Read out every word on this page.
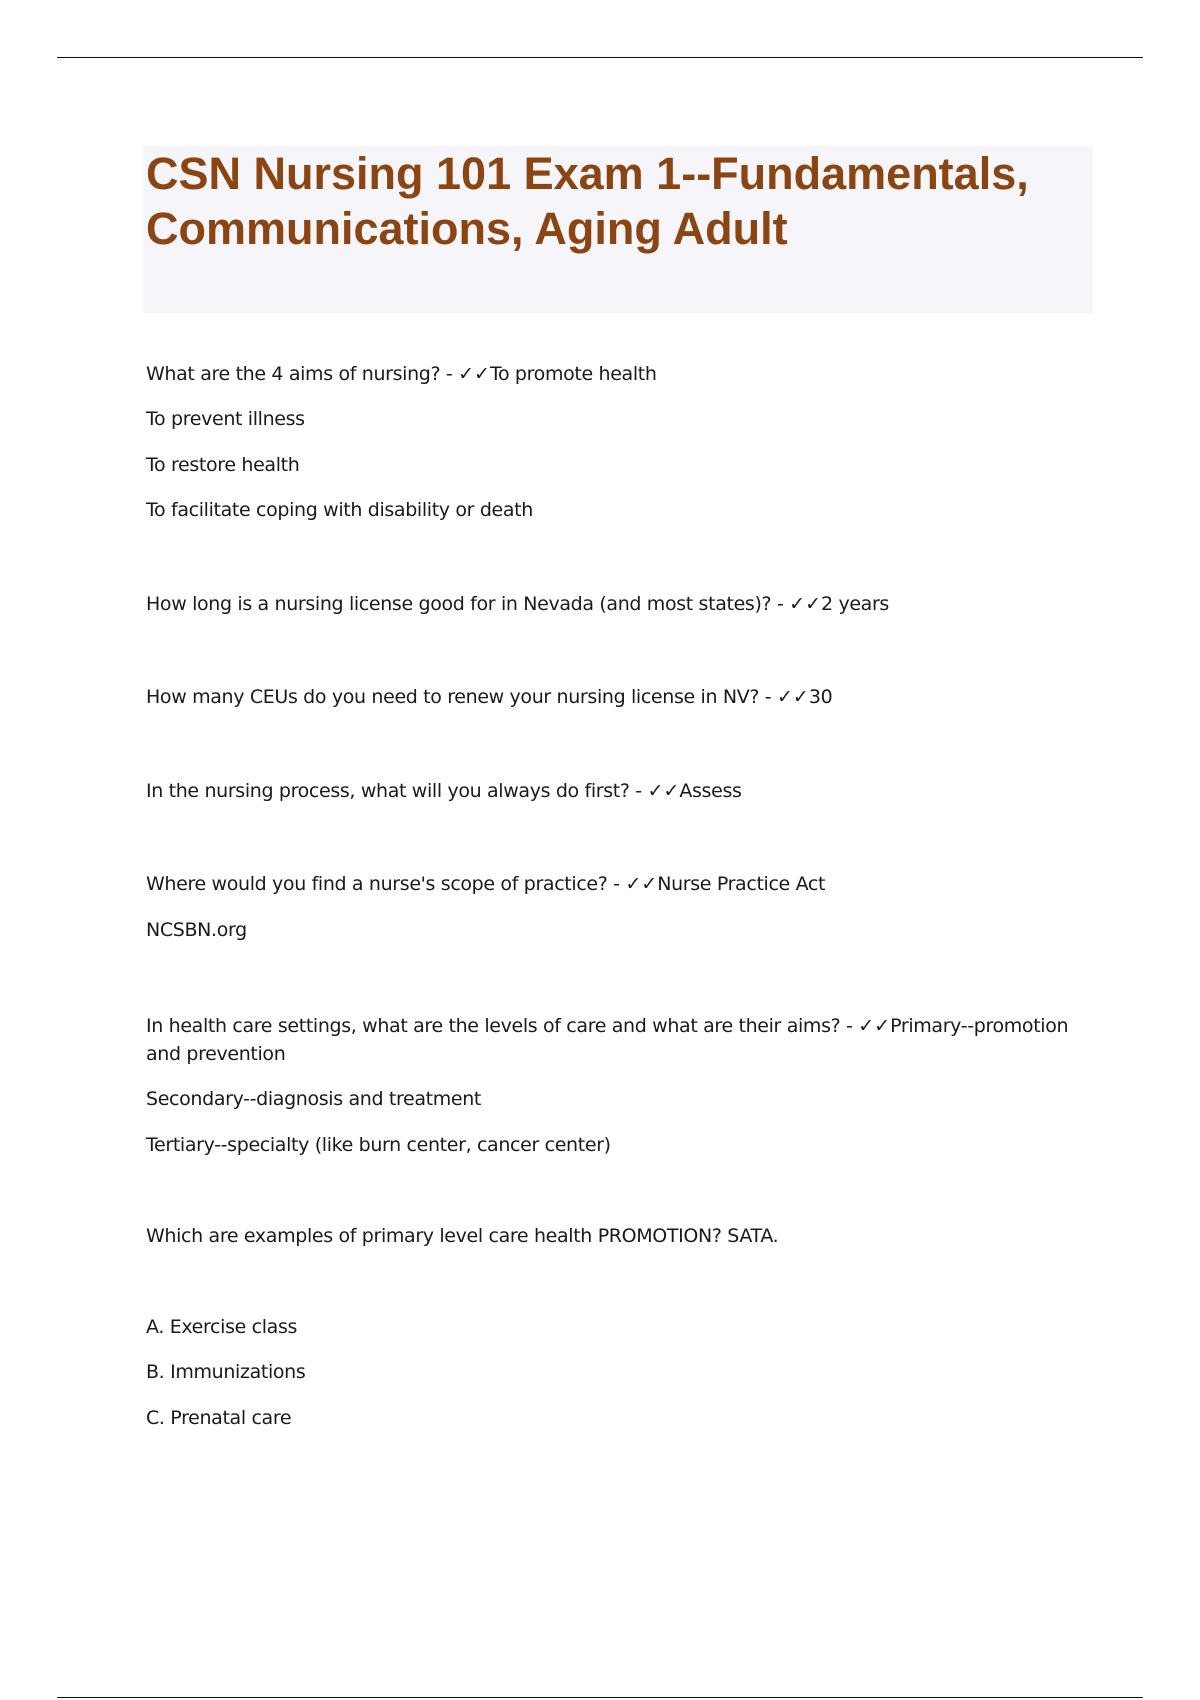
CSN Nursing 101 Exam 1--Fundamentals, Communications, Aging Adult

What are the 4 aims of nursing? - ✓✓To promote health

To prevent illness

To restore health

To facilitate coping with disability or death

How long is a nursing license good for in Nevada (and most states)? - ✓✓2 years

How many CEUs do you need to renew your nursing license in NV? - ✓✓30

In the nursing process, what will you always do first? - ✓✓Assess

Where would you find a nurse's scope of practice? - ✓✓Nurse Practice Act

NCSBN.org

In health care settings, what are the levels of care and what are their aims? - ✓✓Primary--promotion and prevention

Secondary--diagnosis and treatment

Tertiary--specialty (like burn center, cancer center)

Which are examples of primary level care health PROMOTION? SATA.

A. Exercise class

B. Immunizations

C. Prenatal care
